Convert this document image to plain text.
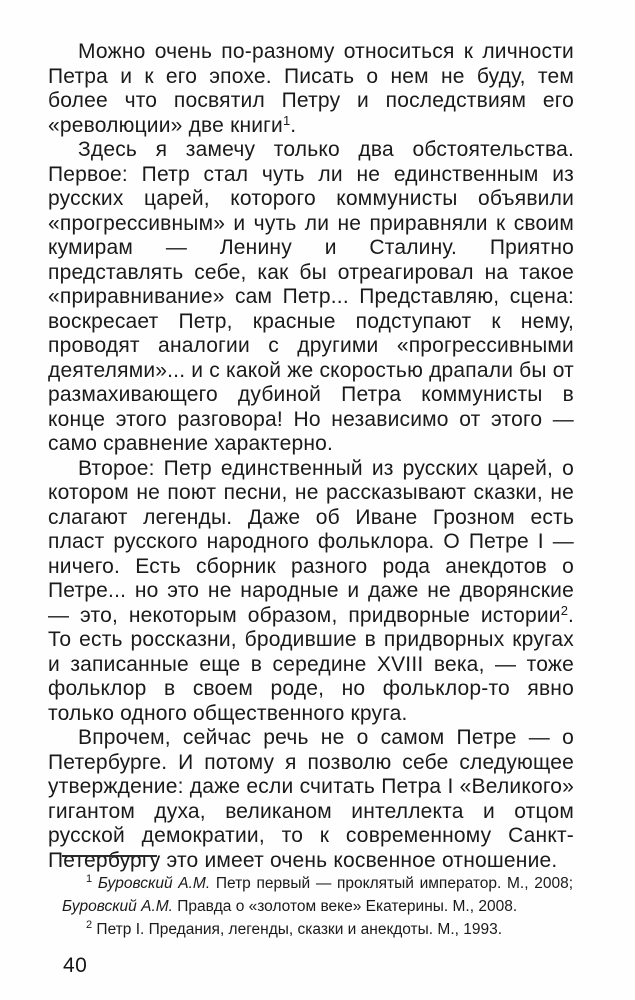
Можно очень по-разному относиться к личности Петра и к его эпохе. Писать о нем не буду, тем более что посвятил Петру и последствиям его «революции» две книги$^1$.

Здесь я замечу только два обстоятельства. Первое: Петр стал чуть ли не единственным из русских царей, которого коммунисты объявили «прогрессивным» и чуть ли не приравняли к своим кумирам — Ленину и Сталину. Приятно представлять себе, как бы отреагировал на такое «приравнивание» сам Петр... Представляю, сцена: воскресает Петр, красные подступают к нему, проводят аналогии с другими «прогрессивными деятелями»... и с какой же скоростью драпали бы от размахивающего дубиной Петра коммунисты в конце этого разговора! Но независимо от этого — само сравнение характерно.

Второе: Петр единственный из русских царей, о котором не поют песни, не рассказывают сказки, не слагают легенды. Даже об Иване Грозном есть пласт русского народного фольклора. О Петре I — ничего. Есть сборник разного рода анекдотов о Петре... но это не народные и даже не дворянские — это, некоторым образом, придворные истории$^2$. То есть россказни, бродившие в придворных кругах и записанные еще в середине XVIII века, — тоже фольклор в своем роде, но фольклор-то явно только одного общественного круга.

Впрочем, сейчас речь не о самом Петре — о Петербурге. И потому я позволю себе следующее утверждение: даже если считать Петра I «Великого» гигантом духа, великаном интеллекта и отцом русской демократии, то к современному Санкт-Петербургу это имеет очень косвенное отношение.

$^1$ Буровский А.М. Петр первый — проклятый император. М., 2008; Буровский А.М. Правда о «золотом веке» Екатерины. М., 2008.

$^2$ Петр I. Предания, легенды, сказки и анекдоты. М., 1993.

40
